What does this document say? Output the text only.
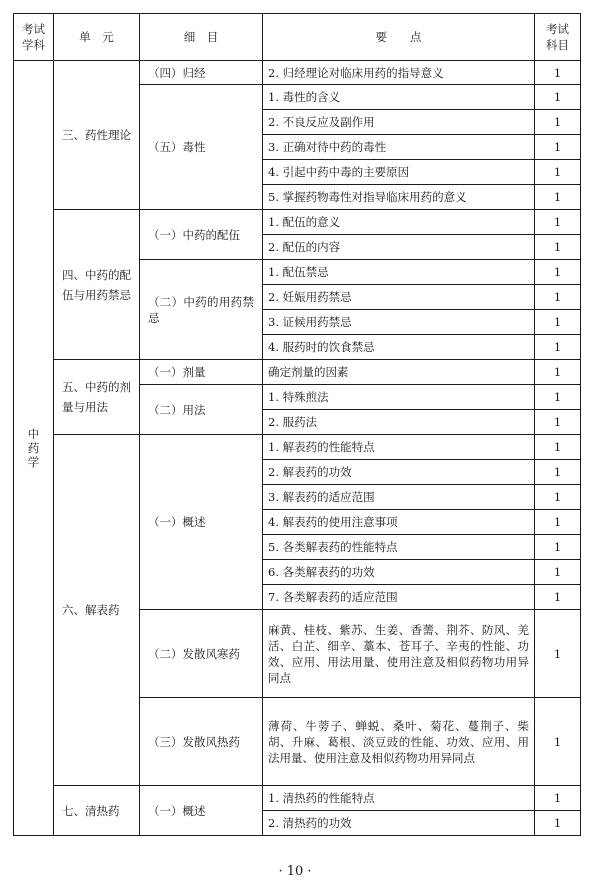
考试学科	单　元	细　目	要　　点	考试科目
中药学	三、药性理论	（四）归经	2. 归经理论对临床用药的指导意义	1
		（五）毒性	1. 毒性的含义	1
			2. 不良反应及副作用	1
			3. 正确对待中药的毒性	1
			4. 引起中药中毒的主要原因	1
			5. 掌握药物毒性对指导临床用药的意义	1
	四、中药的配伍与用药禁忌	（一）中药的配伍	1. 配伍的意义	1
			2. 配伍的内容	1
		（二）中药的用药禁忌	1. 配伍禁忌	1
			2. 妊娠用药禁忌	1
			3. 证候用药禁忌	1
			4. 服药时的饮食禁忌	1
	五、中药的剂量与用法	（一）剂量	确定剂量的因素	1
		（二）用法	1. 特殊煎法	1
			2. 服药法	1
	六、解表药	（一）概述	1. 解表药的性能特点	1
			2. 解表药的功效	1
			3. 解表药的适应范围	1
			4. 解表药的使用注意事项	1
			5. 各类解表药的性能特点	1
			6. 各类解表药的功效	1
			7. 各类解表药的适应范围	1
		（二）发散风寒药	麻黄、桂枝、紫苏、生姜、香薷、荆芥、防风、羌活、白芷、细辛、藁本、苍耳子、辛夷的性能、功效、应用、用法用量、使用注意及相似药物功用异同点	1
		（三）发散风热药	薄荷、牛蒡子、蝉蜕、桑叶、菊花、蔓荆子、柴胡、升麻、葛根、淡豆豉的性能、功效、应用、用法用量、使用注意及相似药物功用异同点	1
	七、清热药	（一）概述	1. 清热药的性能特点	1
			2. 清热药的功效	1
· 10 ·
